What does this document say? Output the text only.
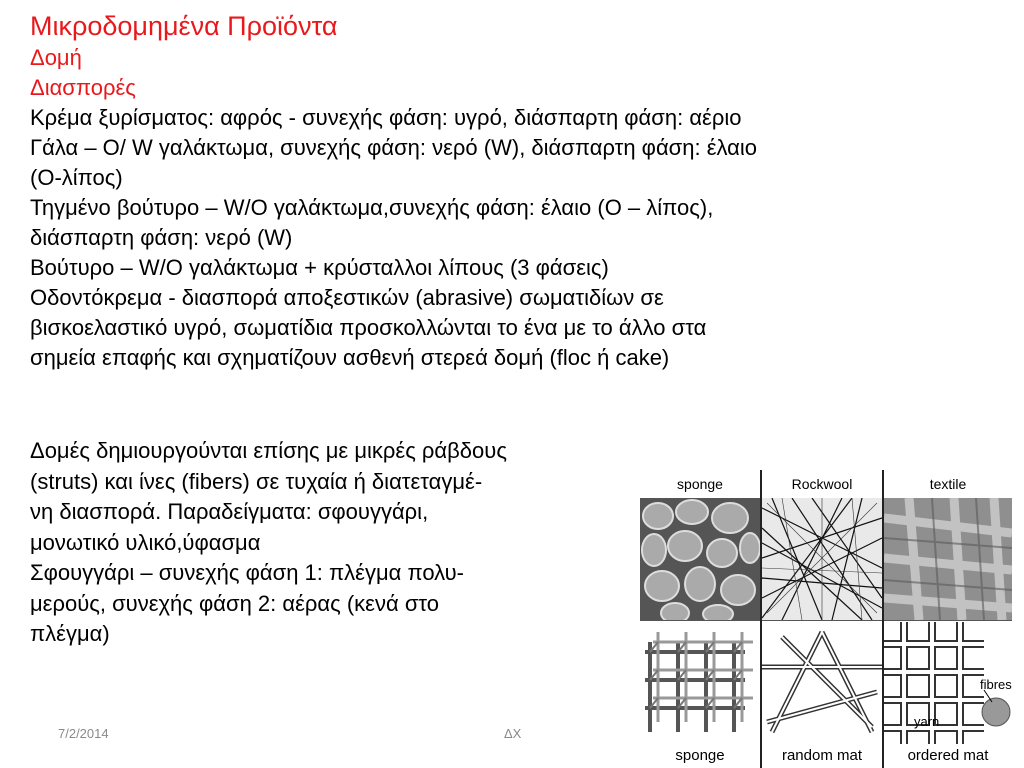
Μικροδομημένα Προϊόντα
Δομή
Διασπορές
Κρέμα ξυρίσματος: αφρός - συνεχής φάση: υγρό, διάσπαρτη φάση: αέριο
Γάλα – O/ W γαλάκτωμα, συνεχής φάση: νερό (W), διάσπαρτη φάση: έλαιο
(O-λίπος)
Τηγμένο βούτυρο – W/O γαλάκτωμα,συνεχής φάση: έλαιο (O – λίπος),
διάσπαρτη φάση: νερό (W)
Βούτυρο – W/O γαλάκτωμα + κρύσταλλοι λίπους (3 φάσεις)
Οδοντόκρεμα - διασπορά αποξεστικών (abrasive) σωματιδίων σε
βισκοελαστικό υγρό, σωματίδια προσκολλώνται το ένα με το άλλο στα
σημεία επαφής και σχηματίζουν ασθενή στερεά δομή (floc ή cake)
Δομές δημιουργούνται επίσης με μικρές ράβδους
(struts) και ίνες (fibers) σε τυχαία ή διατεταγμέ-
νη διασπορά. Παραδείγματα: σφουγγάρι,
μονωτικό υλικό,ύφασμα
Σφουγγάρι – συνεχής φάση 1: πλέγμα πολυ-
μερούς, συνεχής φάση 2: αέρας (κενά στο
πλέγμα)
sponge	Rockwool	textile
fibres
yarn
sponge	random mat	ordered mat
7/2/2014	ΔΧ
